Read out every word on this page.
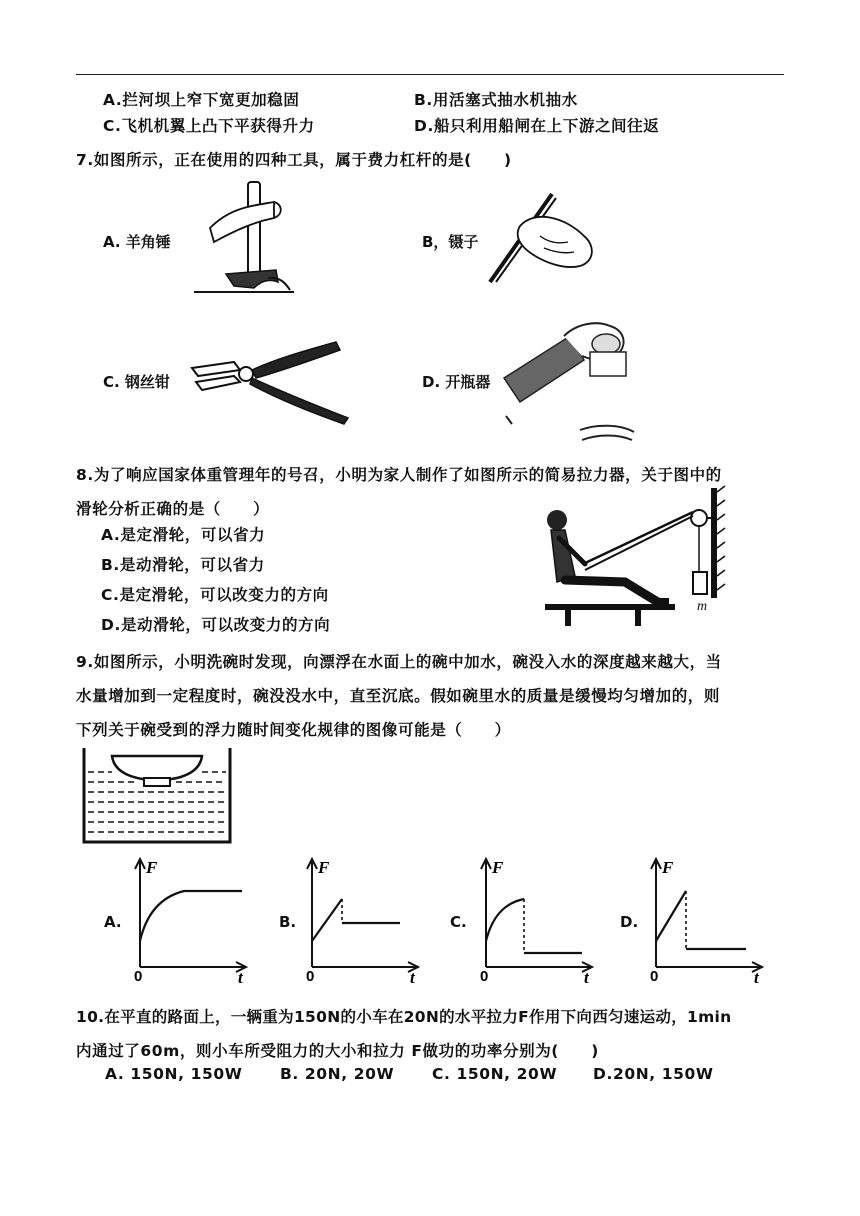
A.拦河坝上窄下宽更加稳固	B.用活塞式抽水机抽水
C.飞机机翼上凸下平获得升力	D.船只利用船闸在上下游之间往返
7.如图所示，正在使用的四种工具，属于费力杠杆的是(　　)
A. 羊角锤	B，镊子
C. 钢丝钳	D. 开瓶器
8.为了响应国家体重管理年的号召，小明为家人制作了如图所示的简易拉力器，关于图中的
滑轮分析正确的是（　　）
A.是定滑轮，可以省力
B.是动滑轮，可以省力
C.是定滑轮，可以改变力的方向
D.是动滑轮，可以改变力的方向
m
9.如图所示，小明洗碗时发现，向漂浮在水面上的碗中加水，碗没入水的深度越来越大，当
水量增加到一定程度时，碗没没水中，直至沉底。假如碗里水的质量是缓慢均匀增加的，则
下列关于碗受到的浮力随时间变化规律的图像可能是（　　）
A.
F
t
0
B.
F
t
0
C.
F
t
0
D.
F
t
0
10.在平直的路面上，一辆重为150N的小车在20N的水平拉力F作用下向西匀速运动，1min
内通过了60m，则小车所受阻力的大小和拉力 F做功的功率分别为(　　)
A. 150N, 150W B. 20N, 20W C. 150N, 20W D.20N, 150W
